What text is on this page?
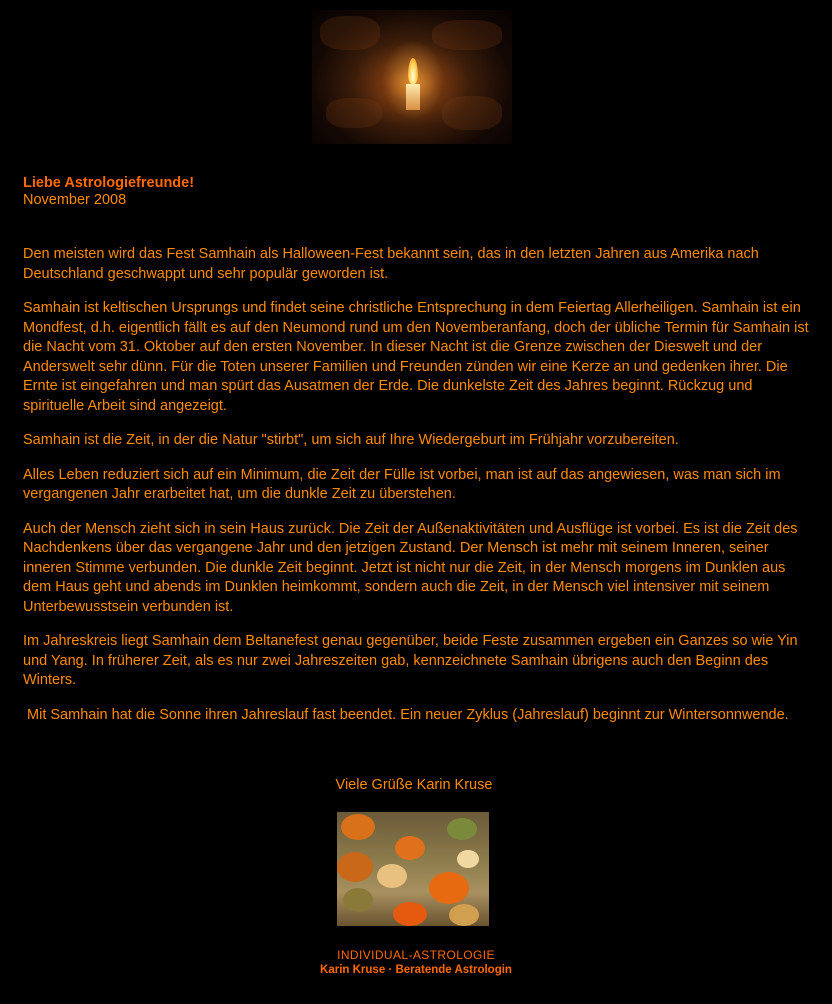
Liebe Astrologiefreunde!
November 2008

Den meisten wird das Fest Samhain als Halloween-Fest bekannt sein, das in den letzten Jahren aus Amerika nach Deutschland geschwappt und sehr populär geworden ist.

Samhain ist keltischen Ursprungs und findet seine christliche Entsprechung in dem Feiertag Allerheiligen. Samhain ist ein Mondfest, d.h. eigentlich fällt es auf den Neumond rund um den Novemberanfang, doch der übliche Termin für Samhain ist die Nacht vom 31. Oktober auf den ersten November. In dieser Nacht ist die Grenze zwischen der Dieswelt und der Anderswelt sehr dünn. Für die Toten unserer Familien und Freunden zünden wir eine Kerze an und gedenken ihrer. Die Ernte ist eingefahren und man spürt das Ausatmen der Erde. Die dunkelste Zeit des Jahres beginnt. Rückzug und spirituelle Arbeit sind angezeigt.

Samhain ist die Zeit, in der die Natur "stirbt", um sich auf Ihre Wiedergeburt im Frühjahr vorzubereiten.

Alles Leben reduziert sich auf ein Minimum, die Zeit der Fülle ist vorbei, man ist auf das angewiesen, was man sich im vergangenen Jahr erarbeitet hat, um die dunkle Zeit zu überstehen.

Auch der Mensch zieht sich in sein Haus zurück. Die Zeit der Außenaktivitäten und Ausflüge ist vorbei. Es ist die Zeit des Nachdenkens über das vergangene Jahr und den jetzigen Zustand. Der Mensch ist mehr mit seinem Inneren, seiner inneren Stimme verbunden. Die dunkle Zeit beginnt. Jetzt ist nicht nur die Zeit, in der Mensch morgens im Dunklen aus dem Haus geht und abends im Dunklen heimkommt, sondern auch die Zeit, in der Mensch viel intensiver mit seinem Unterbewusstsein verbunden ist.

Im Jahreskreis liegt Samhain dem Beltanefest genau gegenüber, beide Feste zusammen ergeben ein Ganzes so wie Yin und Yang. In früherer Zeit, als es nur zwei Jahreszeiten gab, kennzeichnete Samhain übrigens auch den Beginn des Winters.

Mit Samhain hat die Sonne ihren Jahreslauf fast beendet. Ein neuer Zyklus (Jahreslauf) beginnt zur Wintersonnwende.

Viele Grüße Karin Kruse
INDIVIDUAL-ASTROLOGIE
Karin Kruse · Beratende Astrologin
